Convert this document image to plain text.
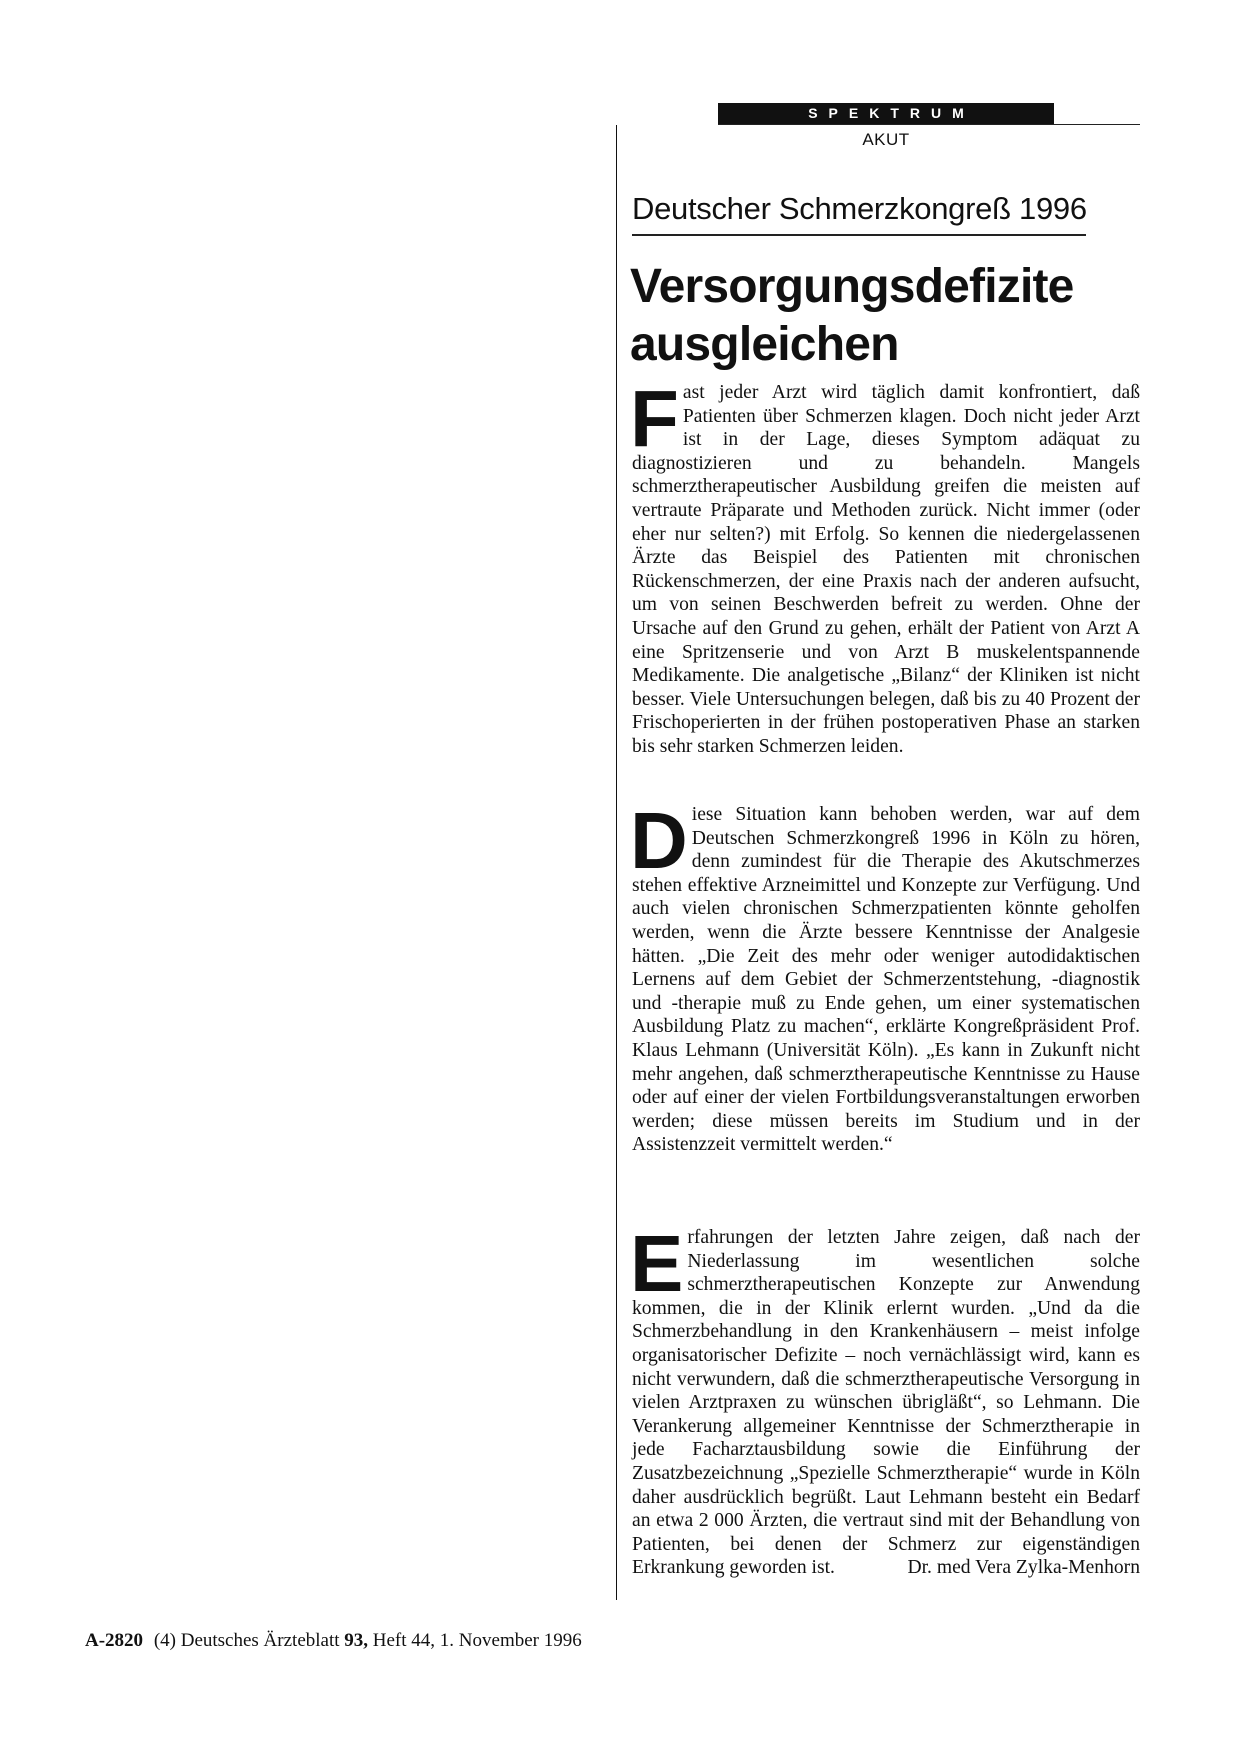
SPEKTRUM
AKUT
Deutscher Schmerzkongreß 1996
Versorgungsdefizite
ausgleichen

Fast jeder Arzt wird täglich damit konfrontiert, daß Patienten über Schmerzen klagen. Doch nicht jeder Arzt ist in der Lage, dieses Symptom adäquat zu diagnostizieren und zu behandeln. Mangels schmerztherapeutischer Ausbildung greifen die meisten auf vertraute Präparate und Methoden zurück. Nicht immer (oder eher nur selten?) mit Erfolg. So kennen die niedergelassenen Ärzte das Beispiel des Patienten mit chronischen Rückenschmerzen, der eine Praxis nach der anderen aufsucht, um von seinen Beschwerden befreit zu werden. Ohne der Ursache auf den Grund zu gehen, erhält der Patient von Arzt A eine Spritzenserie und von Arzt B muskelentspannende Medikamente. Die analgetische „Bilanz“ der Kliniken ist nicht besser. Viele Untersuchungen belegen, daß bis zu 40 Prozent der Frischoperierten in der frühen postoperativen Phase an starken bis sehr starken Schmerzen leiden.

Diese Situation kann behoben werden, war auf dem Deutschen Schmerzkongreß 1996 in Köln zu hören, denn zumindest für die Therapie des Akutschmerzes stehen effektive Arzneimittel und Konzepte zur Verfügung. Und auch vielen chronischen Schmerzpatienten könnte geholfen werden, wenn die Ärzte bessere Kenntnisse der Analgesie hätten. „Die Zeit des mehr oder weniger autodidaktischen Lernens auf dem Gebiet der Schmerzentstehung, -diagnostik und -therapie muß zu Ende gehen, um einer systematischen Ausbildung Platz zu machen“, erklärte Kongreßpräsident Prof. Klaus Lehmann (Universität Köln). „Es kann in Zukunft nicht mehr angehen, daß schmerztherapeutische Kenntnisse zu Hause oder auf einer der vielen Fortbildungsveranstaltungen erworben werden; diese müssen bereits im Studium und in der Assistenzzeit vermittelt werden.“

Erfahrungen der letzten Jahre zeigen, daß nach der Niederlassung im wesentlichen solche schmerztherapeutischen Konzepte zur Anwendung kommen, die in der Klinik erlernt wurden. „Und da die Schmerzbehandlung in den Krankenhäusern – meist infolge organisatorischer Defizite – noch vernächlässigt wird, kann es nicht verwundern, daß die schmerztherapeutische Versorgung in vielen Arztpraxen zu wünschen übrigläßt“, so Lehmann. Die Verankerung allgemeiner Kenntnisse der Schmerztherapie in jede Facharztausbildung sowie die Einführung der Zusatzbezeichnung „Spezielle Schmerztherapie“ wurde in Köln daher ausdrücklich begrüßt. Laut Lehmann besteht ein Bedarf an etwa 2 000 Ärzten, die vertraut sind mit der Behandlung von Patienten, bei denen der Schmerz zur eigenständigen Erkrankung geworden ist.	Dr. med Vera Zylka-Menhorn

A-2820 (4) Deutsches Ärzteblatt 93, Heft 44, 1. November 1996
